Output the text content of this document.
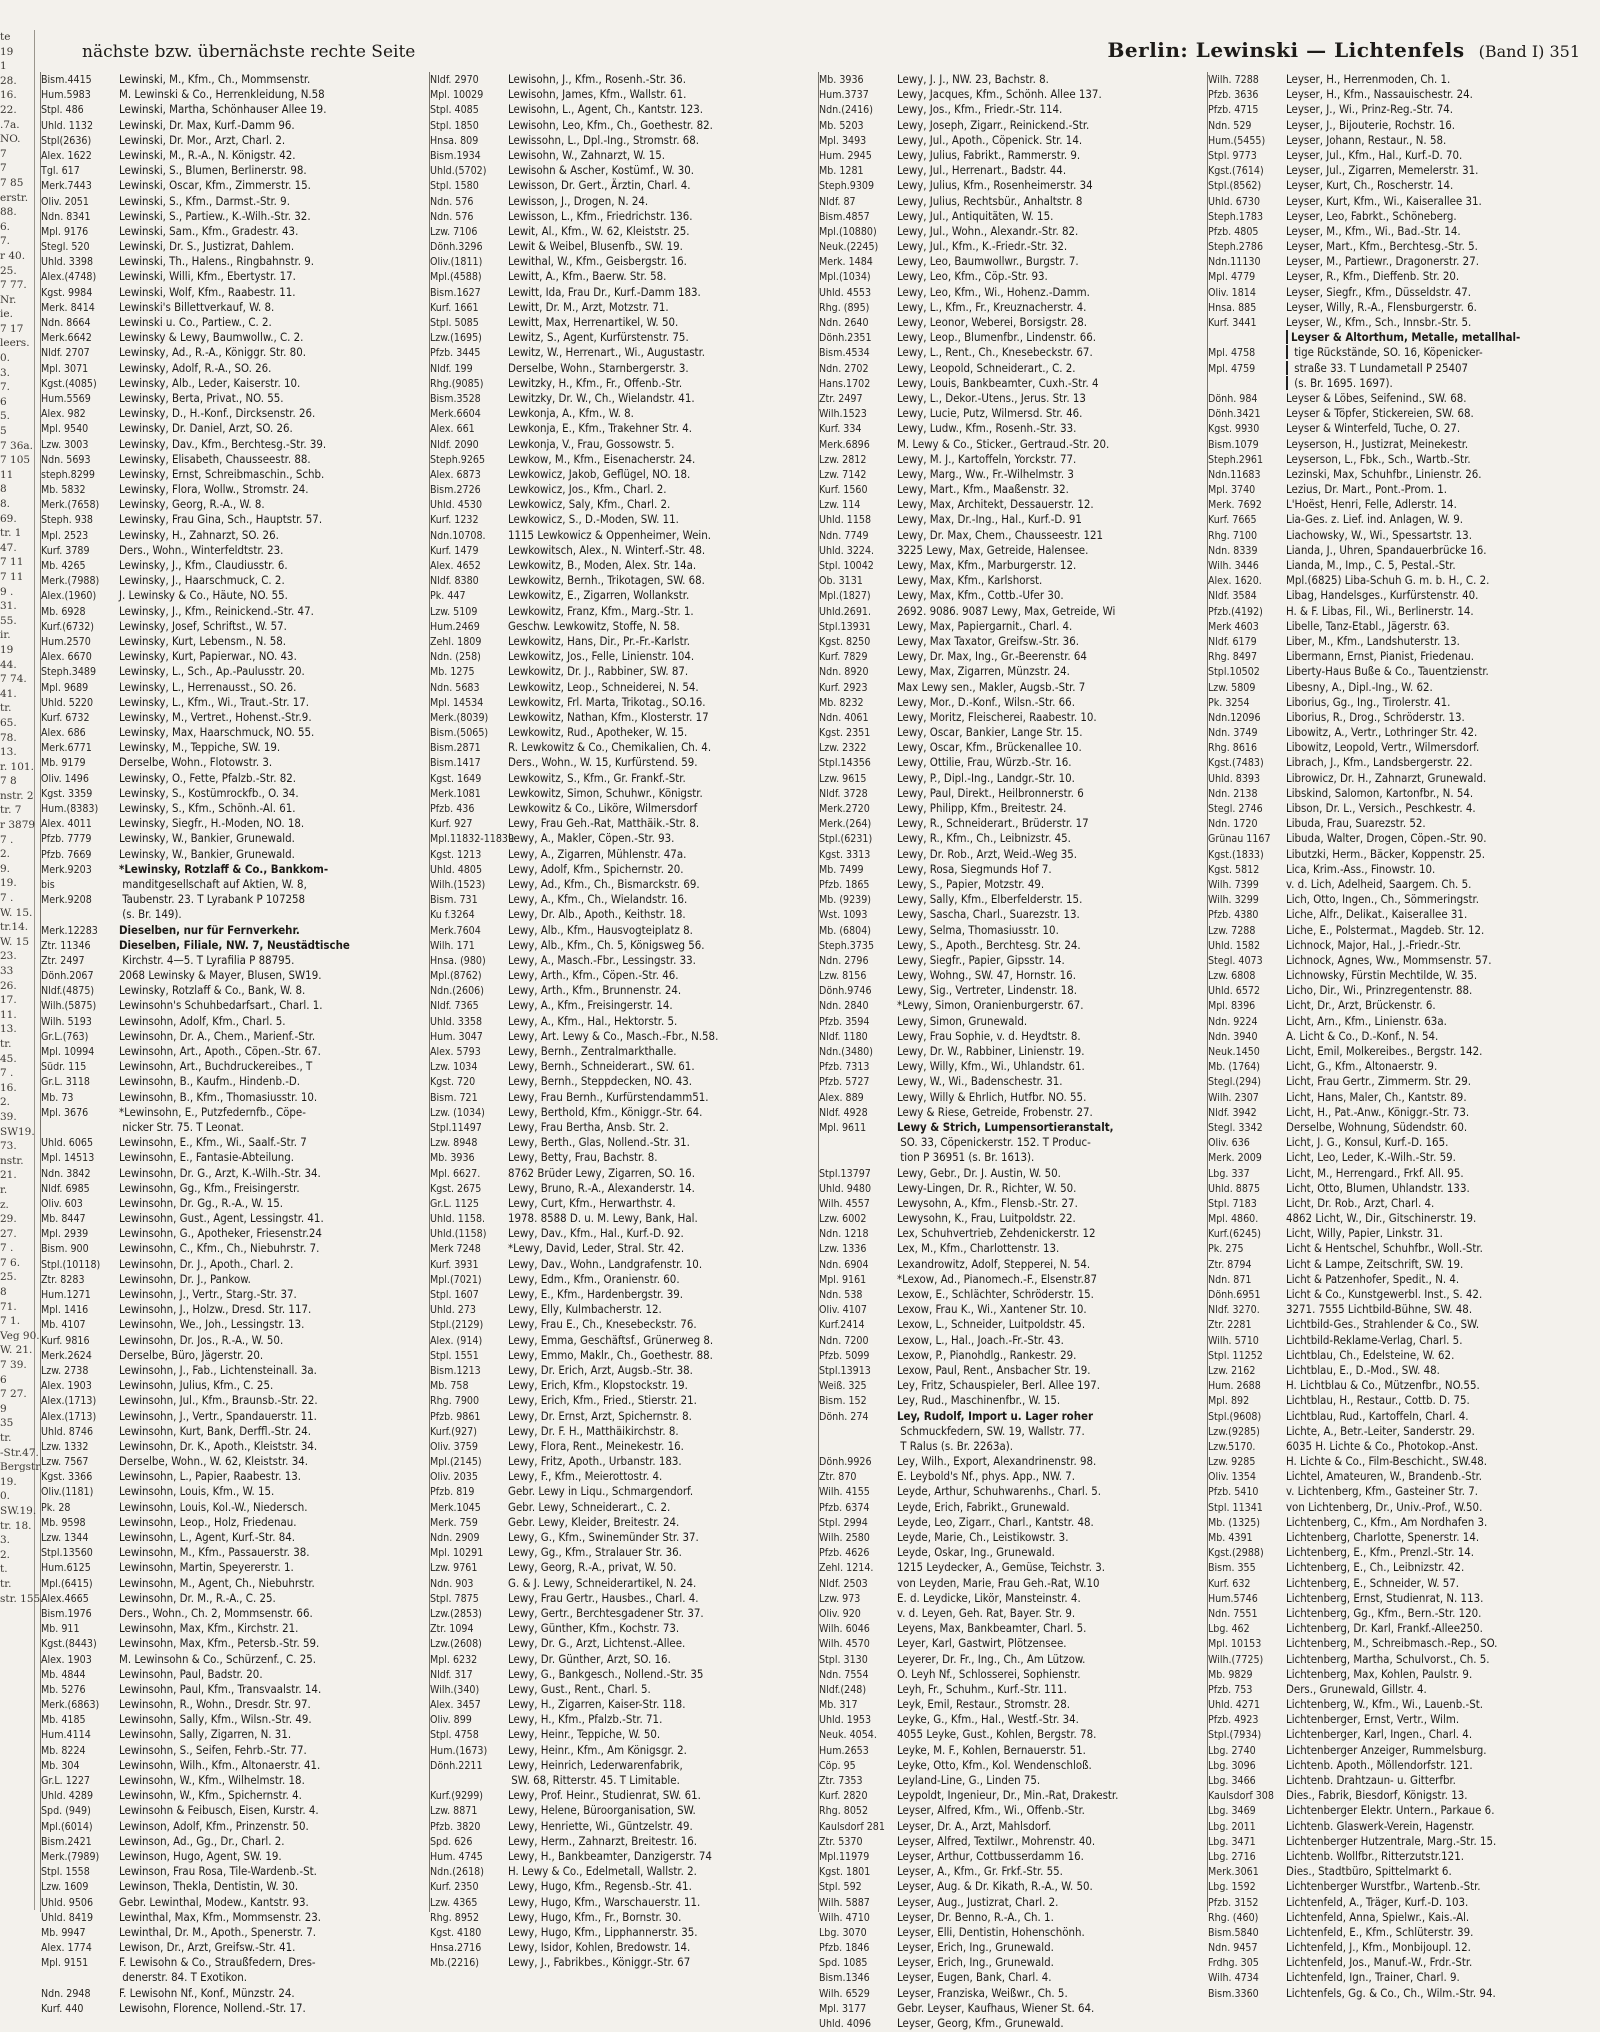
te
19
1
28.
16.
22.
.7a.
NO.
7
7
7 85
erstr.
88.
6.
7.
r 40.
25.
7 77.
Nr.
ie.
7 17
leers.
0.
3.
7.
6
5.
5
7 36a.
7 105
11
8
8.
69.
tr. 1
47.
7 11
7 11
9 .
31.
55.
ir.
19
44.
7 74.
41.
tr.
65.
78.
13.
r. 101.
7 8
nstr. 2
tr. 7
r 3879
7 .
2.
9.
19.
7 .
W. 15.
tr.14.
W. 15
23.
33
26.
17.
11.
13.
tr.
45.
7 .
16.
2.
39.
SW19.
73.
nstr.
21.
r.
z.
29.
27.
7 .
7 6.
25.
8
71.
7 1.
Veg 90.
W. 21.
7 39.
6
7 27.
9
35
tr.
-Str.47.
Bergstr.
19.
0.
SW.19.
tr. 18.
3.
2.
t.
tr.
str. 155.
nächste bzw. übernächste rechte Seite	Berlin: Lewinski — Lichtenfels (Band I) 351
Bism.4415 Lewinski, M., Kfm., Ch., Mommsenstr.
Hum.5983 M. Lewinski & Co., Herrenkleidung, N.58
Stpl. 486	Lewinski, Martha, Schönhauser Allee 19.
Uhld. 1132 Lewinski, Dr. Max, Kurf.-Damm 96.
Stpl(2636) Lewinski, Dr. Mor., Arzt, Charl. 2.
Alex. 1622 Lewinski, M., R.-A., N. Königstr. 42.
Tgl. 617	Lewinski, S., Blumen, Berlinerstr. 98.
Merk.7443 Lewinski, Oscar, Kfm., Zimmerstr. 15.
Oliv. 2051	Lewinski, S., Kfm., Darmst.-Str. 9.
Ndn. 8341 Lewinski, S., Partiew., K.-Wilh.-Str. 32.
Mpl. 9176	Lewinski, Sam., Kfm., Gradestr. 43.
Stegl. 520	Lewinski, Dr. S., Justizrat, Dahlem.
Uhld. 3398 Lewinski, Th., Halens., Ringbahnstr. 9.
Alex.(4748) Lewinski, Willi, Kfm., Ebertystr. 17.
Kgst. 9984 Lewinski, Wolf, Kfm., Raabestr. 11.
Merk. 8414 Lewinski's Billettverkauf, W. 8.
Ndn. 8664 Lewinski u. Co., Partiew., C. 2.
Merk.6642 Lewinsky & Lewy, Baumwollw., C. 2.
Nldf. 2707	Lewinsky, Ad., R.-A., Königgr. Str. 80.
Mpl. 3071	Lewinsky, Adolf, R.-A., SO. 26.
Kgst.(4085) Lewinsky, Alb., Leder, Kaiserstr. 10.
Hum.5569 Lewinsky, Berta, Privat., NO. 55.
Alex. 982	Lewinsky, D., H.-Konf., Dircksenstr. 26.
Mpl. 9540	Lewinsky, Dr. Daniel, Arzt, SO. 26.
Lzw. 3003	Lewinsky, Dav., Kfm., Berchtesg.-Str. 39.
Ndn. 5693 Lewinsky, Elisabeth, Chausseestr. 88.
steph.8299 Lewinsky, Ernst, Schreibmaschin., Schb.
Mb. 5832	Lewinsky, Flora, Wollw., Stromstr. 24.
Merk.(7658) Lewinsky, Georg, R.-A., W. 8.
Steph. 938 Lewinsky, Frau Gina, Sch., Hauptstr. 57.
Mpl. 2523	Lewinsky, H., Zahnarzt, SO. 26.
Kurf. 3789	Ders., Wohn., Winterfeldtstr. 23.
Mb. 4265	Lewinsky, J., Kfm., Claudiusstr. 6.
Merk.(7988) Lewinsky, J., Haarschmuck, C. 2.
Alex.(1960) J. Lewinsky & Co., Häute, NO. 55.
Mb. 6928	Lewinsky, J., Kfm., Reinickend.-Str. 47.
Kurf.(6732) Lewinsky, Josef, Schriftst., W. 57.
Hum.2570 Lewinsky, Kurt, Lebensm., N. 58.
Alex. 6670 Lewinsky, Kurt, Papierwar., NO. 43.
Steph.3489 Lewinsky, L., Sch., Ap.-Paulusstr. 20.
Mpl. 9689	Lewinsky, L., Herrenausst., SO. 26.
Uhld. 5220 Lewinsky, L., Kfm., Wi., Traut.-Str. 17.
Kurf. 6732	Lewinsky, M., Vertret., Hohenst.-Str.9.
Alex. 686	Lewinsky, Max, Haarschmuck, NO. 55.
Merk.6771 Lewinsky, M., Teppiche, SW. 19.
Mb. 9179	Derselbe, Wohn., Flotowstr. 3.
Oliv. 1496	Lewinsky, O., Fette, Pfalzb.-Str. 82.
Kgst. 3359 Lewinsky, S., Kostümrockfb., O. 34.
Hum.(8383) Lewinsky, S., Kfm., Schönh.-Al. 61.
Alex. 4011 Lewinsky, Siegfr., H.-Moden, NO. 18.
Pfzb. 7779 Lewinsky, W., Bankier, Grunewald.
Pfzb. 7669 Lewinsky, W., Bankier, Grunewald.
Merk.9203 *Lewinsky, Rotzlaff & Co., Bankkom-
bis	manditgesellschaft auf Aktien, W. 8,
Merk.9208 Taubenstr. 23. T Lyrabank P 107258
(s. Br. 149).
Merk.12283 Dieselben, nur für Fernverkehr.
Ztr. 11346 Dieselben, Filiale, NW. 7, Neustädtische
Ztr. 2497	Kirchstr. 4—5. T Lyrafilia P 88795.
Dönh.2067 2068 Lewinsky & Mayer, Blusen, SW19.
Nldf.(4875) Lewinsky, Rotzlaff & Co., Bank, W. 8.
Wilh.(5875) Lewinsohn's Schuhbedarfsart., Charl. 1.
Wilh. 5193 Lewinsohn, Adolf, Kfm., Charl. 5.
Gr.L.(763)	Lewinsohn, Dr. A., Chem., Marienf.-Str.
Mpl. 10994 Lewinsohn, Art., Apoth., Cöpen.-Str. 67.
Südr. 115	Lewinsohn, Art., Buchdruckereibes., T
Gr.L. 3118	Lewinsohn, B., Kaufm., Hindenb.-D.
Mb. 73	Lewinsohn, B., Kfm., Thomasiusstr. 10.
Mpl. 3676	*Lewinsohn, E., Putzfedernfb., Cöpe-
nicker Str. 75. T Leonat.
Uhld. 6065 Lewinsohn, E., Kfm., Wi., Saalf.-Str. 7
Mpl. 14513 Lewinsohn, E., Fantasie-Abteilung.
Ndn. 3842 Lewinsohn, Dr. G., Arzt, K.-Wilh.-Str. 34.
Nldf. 6985	Lewinsohn, Gg., Kfm., Freisingerstr.
Oliv. 603	Lewinsohn, Dr. Gg., R.-A., W. 15.
Mb. 8447	Lewinsohn, Gust., Agent, Lessingstr. 41.
Mpl. 2939	Lewinsohn, G., Apotheker, Friesenstr.24
Bism. 900	Lewinsohn, C., Kfm., Ch., Niebuhrstr. 7.
Stpl.(10118) Lewinsohn, Dr. J., Apoth., Charl. 2.
Ztr. 8283	Lewinsohn, Dr. J., Pankow.
Hum.1271 Lewinsohn, J., Vertr., Starg.-Str. 37.
Mpl. 1416	Lewinsohn, J., Holzw., Dresd. Str. 117.
Mb. 4107	Lewinsohn, We., Joh., Lessingstr. 13.
Kurf. 9816	Lewinsohn, Dr. Jos., R.-A., W. 50.
Merk.2624 Derselbe, Büro, Jägerstr. 20.
Lzw. 2738	Lewinsohn, J., Fab., Lichtensteinall. 3a.
Alex. 1903 Lewinsohn, Julius, Kfm., C. 25.
Alex.(1713) Lewinsohn, Jul., Kfm., Braunsb.-Str. 22.
Alex.(1713) Lewinsohn, J., Vertr., Spandauerstr. 11.
Uhld. 8746 Lewinsohn, Kurt, Bank, Derffl.-Str. 24.
Lzw. 1332	Lewinsohn, Dr. K., Apoth., Kleiststr. 34.
Lzw. 7567	Derselbe, Wohn., W. 62, Kleiststr. 34.
Kgst. 3366 Lewinsohn, L., Papier, Raabestr. 13.
Oliv.(1181) Lewinsohn, Louis, Kfm., W. 15.
Pk. 28	Lewinsohn, Louis, Kol.-W., Niedersch.
Mb. 9598	Lewinsohn, Leop., Holz, Friedenau.
Lzw. 1344	Lewinsohn, L., Agent, Kurf.-Str. 84.
Stpl.13560 Lewinsohn, M., Kfm., Passauerstr. 38.
Hum.6125 Lewinsohn, Martin, Speyererstr. 1.
Mpl.(6415) Lewinsohn, M., Agent, Ch., Niebuhrstr.
Alex.4665	Lewinsohn, Dr. M., R.-A., C. 25.
Bism.1976 Ders., Wohn., Ch. 2, Mommsenstr. 66.
Mb. 911	Lewinsohn, Max, Kfm., Kirchstr. 21.
Kgst.(8443) Lewinsohn, Max, Kfm., Petersb.-Str. 59.
Alex. 1903 M. Lewinsohn & Co., Schürzenf., C. 25.
Mb. 4844	Lewinsohn, Paul, Badstr. 20.
Mb. 5276	Lewinsohn, Paul, Kfm., Transvaalstr. 14.
Merk.(6863) Lewinsohn, R., Wohn., Dresdr. Str. 97.
Mb. 4185	Lewinsohn, Sally, Kfm., Wilsn.-Str. 49.
Hum.4114 Lewinsohn, Sally, Zigarren, N. 31.
Mb. 8224	Lewinsohn, S., Seifen, Fehrb.-Str. 77.
Mb. 304	Lewinsohn, Wilh., Kfm., Altonaerstr. 41.
Gr.L. 1227	Lewinsohn, W., Kfm., Wilhelmstr. 18.
Uhld. 4289 Lewinsohn, W., Kfm., Spichernstr. 4.
Spd. (949) Lewinsohn & Feibusch, Eisen, Kurstr. 4.
Mpl.(6014) Lewinson, Adolf, Kfm., Prinzenstr. 50.
Bism.2421 Lewinson, Ad., Gg., Dr., Charl. 2.
Merk.(7989) Lewinson, Hugo, Agent, SW. 19.
Stpl. 1558	Lewinson, Frau Rosa, Tile-Wardenb.-St.
Lzw. 1609	Lewinson, Thekla, Dentistin, W. 30.
Uhld. 9506 Gebr. Lewinthal, Modew., Kantstr. 93.
Uhld. 8419 Lewinthal, Max, Kfm., Mommsenstr. 23.
Mb. 9947	Lewinthal, Dr. M., Apoth., Spenerstr. 7.
Alex. 1774 Lewison, Dr., Arzt, Greifsw.-Str. 41.
Mpl. 9151	F. Lewisohn & Co., Straußfedern, Dres-
denerstr. 84. T Exotikon.
Ndn. 2948 F. Lewisohn Nf., Konf., Münzstr. 24.
Kurf. 440	Lewisohn, Florence, Nollend.-Str. 17.
Nldf. 2970	Lewisohn, J., Kfm., Rosenh.-Str. 36.
Mpl. 10029 Lewisohn, James, Kfm., Wallstr. 61.
Stpl. 4085	Lewisohn, L., Agent, Ch., Kantstr. 123.
Stpl. 1850	Lewisohn, Leo, Kfm., Ch., Goethestr. 82.
Hnsa. 809	Lewissohn, L., Dpl.-Ing., Stromstr. 68.
Bism.1934 Lewisohn, W., Zahnarzt, W. 15.
Uhld.(5702) Lewisohn & Ascher, Kostümf., W. 30.
Stpl. 1580	Lewisson, Dr. Gert., Ärztin, Charl. 4.
Ndn. 576	Lewisson, J., Drogen, N. 24.
Ndn. 576	Lewisson, L., Kfm., Friedrichstr. 136.
Lzw. 7106	Lewit, Al., Kfm., W. 62, Kleiststr. 25.
Dönh.3296 Lewit & Weibel, Blusenfb., SW. 19.
Oliv.(1811) Lewithal, W., Kfm., Geisbergstr. 16.
Mpl.(4588) Lewitt, A., Kfm., Baerw. Str. 58.
Bism.1627 Lewitt, Ida, Frau Dr., Kurf.-Damm 183.
Kurf. 1661	Lewitt, Dr. M., Arzt, Motzstr. 71.
Stpl. 5085	Lewitt, Max, Herrenartikel, W. 50.
Lzw.(1695) Lewitz, S., Agent, Kurfürstenstr. 75.
Pfzb. 3445 Lewitz, W., Herrenart., Wi., Augustastr.
Nldf. 199	Derselbe, Wohn., Starnbergerstr. 3.
Rhg.(9085) Lewitzky, H., Kfm., Fr., Offenb.-Str.
Bism.3528 Lewitzky, Dr. W., Ch., Wielandstr. 41.
Merk.6604 Lewkonja, A., Kfm., W. 8.
Alex. 661	Lewkonja, E., Kfm., Trakehner Str. 4.
Nldf. 2090	Lewkonja, V., Frau, Gossowstr. 5.
Steph.9265 Lewkow, M., Kfm., Eisenacherstr. 24.
Alex. 6873 Lewkowicz, Jakob, Geflügel, NO. 18.
Bism.2726 Lewkowicz, Jos., Kfm., Charl. 2.
Uhld. 4530 Lewkowicz, Saly, Kfm., Charl. 2.
Kurf. 1232	Lewkowicz, S., D.-Moden, SW. 11.
Ndn.10708. 1115 Lewkowicz & Oppenheimer, Wein.
Kurf. 1479	Lewkowitsch, Alex., N. Winterf.-Str. 48.
Alex. 4652 Lewkowitz, B., Moden, Alex. Str. 14a.
Nldf. 8380	Lewkowitz, Bernh., Trikotagen, SW. 68.
Pk. 447	Lewkowitz, E., Zigarren, Wollankstr.
Lzw. 5109	Lewkowitz, Franz, Kfm., Marg.-Str. 1.
Hum.2469 Geschw. Lewkowitz, Stoffe, N. 58.
Zehl. 1809 Lewkowitz, Hans, Dir., Pr.-Fr.-Karlstr.
Ndn. (258) Lewkowitz, Jos., Felle, Linienstr. 104.
Mb. 1275	Lewkowitz, Dr. J., Rabbiner, SW. 87.
Ndn. 5683 Lewkowitz, Leop., Schneiderei, N. 54.
Mpl. 14534 Lewkowitz, Frl. Marta, Trikotag., SO.16.
Merk.(8039) Lewkowitz, Nathan, Kfm., Klosterstr. 17
Bism.(5065) Lewkowitz, Rud., Apotheker, W. 15.
Bism.2871 R. Lewkowitz & Co., Chemikalien, Ch. 4.
Bism.1417 Ders., Wohn., W. 15, Kurfürstend. 59.
Kgst. 1649 Lewkowitz, S., Kfm., Gr. Frankf.-Str.
Merk.1081 Lewkowitz, Simon, Schuhwr., Königstr.
Pfzb. 436	Lewkowitz & Co., Liköre, Wilmersdorf
Kurf. 927	Lewy, Frau Geh.-Rat, Matthäik.-Str. 8.
Mpl.11832-11839Lewy, A., Makler, Cöpen.-Str. 93.
Kgst. 1213 Lewy, A., Zigarren, Mühlenstr. 47a.
Uhld. 4805 Lewy, Adolf, Kfm., Spichernstr. 20.
Wilh.(1523) Lewy, Ad., Kfm., Ch., Bismarckstr. 69.
Bism. 731	Lewy, A., Kfm., Ch., Wielandstr. 16.
Ku f.3264	Lewy, Dr. Alb., Apoth., Keithstr. 18.
Merk.7604 Lewy, Alb., Kfm., Hausvogteiplatz 8.
Wilh. 171	Lewy, Alb., Kfm., Ch. 5, Königsweg 56.
Hnsa. (980) Lewy, A., Masch.-Fbr., Lessingstr. 33.
Mpl.(8762) Lewy, Arth., Kfm., Cöpen.-Str. 46.
Ndn.(2606) Lewy, Arth., Kfm., Brunnenstr. 24.
Nldf. 7365	Lewy, A., Kfm., Freisingerstr. 14.
Uhld. 3358 Lewy, A., Kfm., Hal., Hektorstr. 5.
Hum. 3047 Lewy, Art. Lewy & Co., Masch.-Fbr., N.58.
Alex. 5793 Lewy, Bernh., Zentralmarkthalle.
Lzw. 1034	Lewy, Bernh., Schneiderart., SW. 61.
Kgst. 720	Lewy, Bernh., Steppdecken, NO. 43.
Bism. 721	Lewy, Frau Bernh., Kurfürstendamm51.
Lzw. (1034) Lewy, Berthold, Kfm., Königgr.-Str. 64.
Stpl.11497 Lewy, Frau Bertha, Ansb. Str. 2.
Lzw. 8948	Lewy, Berth., Glas, Nollend.-Str. 31.
Mb. 3936	Lewy, Betty, Frau, Bachstr. 8.
Mpl. 6627. 8762 Brüder Lewy, Zigarren, SO. 16.
Kgst. 2675 Lewy, Bruno, R.-A., Alexanderstr. 14.
Gr.L. 1125	Lewy, Curt, Kfm., Herwarthstr. 4.
Uhld. 1158. 1978. 8588 D. u. M. Lewy, Bank, Hal.
Uhld.(1158) Lewy, Dav., Kfm., Hal., Kurf.-D. 92.
Merk 7248 *Lewy, David, Leder, Stral. Str. 42.
Kurf. 3931	Lewy, Dav., Wohn., Landgrafenstr. 10.
Mpl.(7021) Lewy, Edm., Kfm., Oranienstr. 60.
Stpl. 1607	Lewy, E., Kfm., Hardenbergstr. 39.
Uhld. 273	Lewy, Elly, Kulmbacherstr. 12.
Stpl.(2129) Lewy, Frau E., Ch., Knesebeckstr. 76.
Alex. (914) Lewy, Emma, Geschäftsf., Grünerweg 8.
Stpl. 1551	Lewy, Emmo, Maklr., Ch., Goethestr. 88.
Bism.1213 Lewy, Dr. Erich, Arzt, Augsb.-Str. 38.
Mb. 758	Lewy, Erich, Kfm., Klopstockstr. 19.
Rhg. 7900	Lewy, Erich, Kfm., Fried., Stierstr. 21.
Pfzb. 9861 Lewy, Dr. Ernst, Arzt, Spichernstr. 8.
Kurf.(927)	Lewy, Dr. F. H., Matthäikirchstr. 8.
Oliv. 3759	Lewy, Flora, Rent., Meinekestr. 16.
Mpl.(2145) Lewy, Fritz, Apoth., Urbanstr. 183.
Oliv. 2035	Lewy, F., Kfm., Meierottostr. 4.
Pfzb. 819	Gebr. Lewy in Liqu., Schmargendorf.
Merk.1045 Gebr. Lewy, Schneiderart., C. 2.
Merk. 759	Gebr. Lewy, Kleider, Breitestr. 24.
Ndn. 2909 Lewy, G., Kfm., Swinemünder Str. 37.
Mpl. 10291 Lewy, Gg., Kfm., Stralauer Str. 36.
Lzw. 9761	Lewy, Georg, R.-A., privat, W. 50.
Ndn. 903	G. & J. Lewy, Schneiderartikel, N. 24.
Stpl. 7875	Lewy, Frau Gertr., Hausbes., Charl. 4.
Lzw.(2853) Lewy, Gertr., Berchtesgadener Str. 37.
Ztr. 1094	Lewy, Günther, Kfm., Kochstr. 73.
Lzw.(2608) Lewy, Dr. G., Arzt, Lichtenst.-Allee.
Mpl. 6232	Lewy, Dr. Günther, Arzt, SO. 16.
Nldf. 317	Lewy, G., Bankgesch., Nollend.-Str. 35
Wilh.(340)	Lewy, Gust., Rent., Charl. 5.
Alex. 3457 Lewy, H., Zigarren, Kaiser-Str. 118.
Oliv. 899	Lewy, H., Kfm., Pfalzb.-Str. 71.
Stpl. 4758	Lewy, Heinr., Teppiche, W. 50.
Hum.(1673) Lewy, Heinr., Kfm., Am Königsgr. 2.
Dönh.2211 Lewy, Heinrich, Lederwarenfabrik,
SW. 68, Ritterstr. 45. T Limitable.
Kurf.(9299) Lewy, Prof. Heinr., Studienrat, SW. 61.
Lzw. 8871	Lewy, Helene, Büroorganisation, SW.
Pfzb. 3820 Lewy, Henriette, Wi., Güntzelstr. 49.
Spd. 626	Lewy, Herm., Zahnarzt, Breitestr. 16.
Hum. 4745 Lewy, H., Bankbeamter, Danzigerstr. 74
Ndn.(2618) H. Lewy & Co., Edelmetall, Wallstr. 2.
Kurf. 2350	Lewy, Hugo, Kfm., Regensb.-Str. 41.
Lzw. 4365	Lewy, Hugo, Kfm., Warschauerstr. 11.
Rhg. 8952	Lewy, Hugo, Kfm., Fr., Bornstr. 30.
Kgst. 4180 Lewy, Hugo, Kfm., Lipphannerstr. 35.
Hnsa.2716 Lewy, Isidor, Kohlen, Bredowstr. 14.
Mb.(2216)	Lewy, J., Fabrikbes., Königgr.-Str. 67
Mb. 3936	Lewy, J. J., NW. 23, Bachstr. 8.
Hum.3737 Lewy, Jacques, Kfm., Schönh. Allee 137.
Ndn.(2416) Lewy, Jos., Kfm., Friedr.-Str. 114.
Mb. 5203	Lewy, Joseph, Zigarr., Reinickend.-Str.
Mpl. 3493	Lewy, Jul., Apoth., Cöpenick. Str. 14.
Hum. 2945 Lewy, Julius, Fabrikt., Rammerstr. 9.
Mb. 1281	Lewy, Jul., Herrenart., Badstr. 44.
Steph.9309 Lewy, Julius, Kfm., Rosenheimerstr. 34
Nldf. 87	Lewy, Julius, Rechtsbür., Anhaltstr. 8
Bism.4857 Lewy, Jul., Antiquitäten, W. 15.
Mpl.(10880) Lewy, Jul., Wohn., Alexandr.-Str. 82.
Neuk.(2245) Lewy, Jul., Kfm., K.-Friedr.-Str. 32.
Merk. 1484 Lewy, Leo, Baumwollwr., Burgstr. 7.
Mpl.(1034) Lewy, Leo, Kfm., Cöp.-Str. 93.
Uhld. 4553 Lewy, Leo, Kfm., Wi., Hohenz.-Damm.
Rhg. (895) Lewy, L., Kfm., Fr., Kreuznacherstr. 4.
Ndn. 2640 Lewy, Leonor, Weberei, Borsigstr. 28.
Dönh.2351 Lewy, Leop., Blumenfbr., Lindenstr. 66.
Bism.4534 Lewy, L., Rent., Ch., Knesebeckstr. 67.
Ndn. 2702 Lewy, Leopold, Schneiderart., C. 2.
Hans.1702 Lewy, Louis, Bankbeamter, Cuxh.-Str. 4
Ztr. 2497	Lewy, L., Dekor.-Utens., Jerus. Str. 13
Wilh.1523	Lewy, Lucie, Putz, Wilmersd. Str. 46.
Kurf. 334	Lewy, Ludw., Kfm., Rosenh.-Str. 33.
Merk.6896 M. Lewy & Co., Sticker., Gertraud.-Str. 20.
Lzw. 2812	Lewy, M. J., Kartoffeln, Yorckstr. 77.
Lzw. 7142	Lewy, Marg., Ww., Fr.-Wilhelmstr. 3
Kurf. 1560	Lewy, Mart., Kfm., Maaßenstr. 32.
Lzw. 114	Lewy, Max, Architekt, Dessauerstr. 12.
Uhld. 1158 Lewy, Max, Dr.-Ing., Hal., Kurf.-D. 91
Ndn. 7749 Lewy, Dr. Max, Chem., Chausseestr. 121
Uhld. 3224. 3225 Lewy, Max, Getreide, Halensee.
Stpl. 10042 Lewy, Max, Kfm., Marburgerstr. 12.
Ob. 3131	Lewy, Max, Kfm., Karlshorst.
Mpl.(1827) Lewy, Max, Kfm., Cottb.-Ufer 30.
Uhld.2691. 2692. 9086. 9087 Lewy, Max, Getreide, Wi
Stpl.13931 Lewy, Max, Papiergarnit., Charl. 4.
Kgst. 8250 Lewy, Max Taxator, Greifsw.-Str. 36.
Kurf. 7829	Lewy, Dr. Max, Ing., Gr.-Beerenstr. 64
Ndn. 8920 Lewy, Max, Zigarren, Münzstr. 24.
Kurf. 2923	Max Lewy sen., Makler, Augsb.-Str. 7
Mb. 8232	Lewy, Mor., D.-Konf., Wilsn.-Str. 66.
Ndn. 4061 Lewy, Moritz, Fleischerei, Raabestr. 10.
Kgst. 2351 Lewy, Oscar, Bankier, Lange Str. 15.
Lzw. 2322	Lewy, Oscar, Kfm., Brückenallee 10.
Stpl.14356 Lewy, Ottilie, Frau, Würzb.-Str. 16.
Lzw. 9615	Lewy, P., Dipl.-Ing., Landgr.-Str. 10.
Nldf. 3728	Lewy, Paul, Direkt., Heilbronnerstr. 6
Merk.2720 Lewy, Philipp, Kfm., Breitestr. 24.
Merk.(264) Lewy, R., Schneiderart., Brüderstr. 17
Stpl.(6231) Lewy, R., Kfm., Ch., Leibnizstr. 45.
Kgst. 3313 Lewy, Dr. Rob., Arzt, Weid.-Weg 35.
Mb. 7499	Lewy, Rosa, Siegmunds Hof 7.
Pfzb. 1865 Lewy, S., Papier, Motzstr. 49.
Mb. (9239) Lewy, Sally, Kfm., Elberfelderstr. 15.
Wst. 1093	Lewy, Sascha, Charl., Suarezstr. 13.
Mb. (6804) Lewy, Selma, Thomasiusstr. 10.
Steph.3735 Lewy, S., Apoth., Berchtesg. Str. 24.
Ndn. 2796 Lewy, Siegfr., Papier, Gipsstr. 14.
Lzw. 8156	Lewy, Wohng., SW. 47, Hornstr. 16.
Dönh.9746 Lewy, Sig., Vertreter, Lindenstr. 18.
Ndn. 2840 *Lewy, Simon, Oranienburgerstr. 67.
Pfzb. 3594 Lewy, Simon, Grunewald.
Nldf. 1180	Lewy, Frau Sophie, v. d. Heydtstr. 8.
Ndn.(3480) Lewy, Dr. W., Rabbiner, Linienstr. 19.
Pfzb. 7313 Lewy, Willy, Kfm., Wi., Uhlandstr. 61.
Pfzb. 5727 Lewy, W., Wi., Badenschestr. 31.
Alex. 889	Lewy, Willy & Ehrlich, Hutfbr. NO. 55.
Nldf. 4928	Lewy & Riese, Getreide, Frobenstr. 27.
Mpl. 9611	Lewy & Strich, Lumpensortieranstalt,
SO. 33, Cöpenickerstr. 152. T Produc-
tion P 36951 (s. Br. 1613).
Stpl.13797 Lewy, Gebr., Dr. J. Austin, W. 50.
Uhld. 9480 Lewy-Lingen, Dr. R., Richter, W. 50.
Wilh. 4557 Lewysohn, A., Kfm., Flensb.-Str. 27.
Lzw. 6002	Lewysohn, K., Frau, Luitpoldstr. 22.
Ndn. 1218 Lex, Schuhvertrieb, Zehdenickerstr. 12
Lzw. 1336	Lex, M., Kfm., Charlottenstr. 13.
Ndn. 6904 Lexandrowitz, Adolf, Stepperei, N. 54.
Mpl. 9161	*Lexow, Ad., Pianomech.-F., Elsenstr.87
Ndn. 538	Lexow, E., Schlächter, Schröderstr. 15.
Oliv. 4107	Lexow, Frau K., Wi., Xantener Str. 10.
Kurf.2414	Lexow, L., Schneider, Luitpoldstr. 45.
Ndn. 7200 Lexow, L., Hal., Joach.-Fr.-Str. 43.
Pfzb. 5099 Lexow, P., Pianohdlg., Rankestr. 29.
Stpl.13913 Lexow, Paul, Rent., Ansbacher Str. 19.
Weiß. 325	Ley, Fritz, Schauspieler, Berl. Allee 197.
Bism. 152	Ley, Rud., Maschinenfbr., W. 15.
Dönh. 274	Ley, Rudolf, Import u. Lager roher
Schmuckfedern, SW. 19, Wallstr. 77.
T Ralus (s. Br. 2263a).
Dönh.9926 Ley, Wilh., Export, Alexandrinenstr. 98.
Ztr. 870	E. Leybold's Nf., phys. App., NW. 7.
Wilh. 4155 Leyde, Arthur, Schuhwarenhs., Charl. 5.
Pfzb. 6374 Leyde, Erich, Fabrikt., Grunewald.
Stpl. 2994	Leyde, Leo, Zigarr., Charl., Kantstr. 48.
Wilh. 2580 Leyde, Marie, Ch., Leistikowstr. 3.
Pfzb. 4626 Leyde, Oskar, Ing., Grunewald.
Zehl. 1214. 1215 Leydecker, A., Gemüse, Teichstr. 3.
Nldf. 2503	von Leyden, Marie, Frau Geh.-Rat, W.10
Lzw. 973	E. d. Leydicke, Likör, Mansteinstr. 4.
Oliv. 920	v. d. Leyen, Geh. Rat, Bayer. Str. 9.
Wilh. 6046 Leyens, Max, Bankbeamter, Charl. 5.
Wilh. 4570 Leyer, Karl, Gastwirt, Plötzensee.
Stpl. 3130	Leyerer, Dr. Fr., Ing., Ch., Am Lützow.
Ndn. 7554 O. Leyh Nf., Schlosserei, Sophienstr.
Nldf.(248)	Leyh, Fr., Schuhm., Kurf.-Str. 111.
Mb. 317	Leyk, Emil, Restaur., Stromstr. 28.
Uhld. 1953 Leyke, G., Kfm., Hal., Westf.-Str. 34.
Neuk. 4054. 4055 Leyke, Gust., Kohlen, Bergstr. 78.
Hum.2653 Leyke, M. F., Kohlen, Bernauerstr. 51.
Cöp. 95	Leyke, Otto, Kfm., Kol. Wendenschloß.
Ztr. 7353	Leyland-Line, G., Linden 75.
Kurf. 2820	Leypoldt, Ingenieur, Dr., Min.-Rat, Drakestr.
Rhg. 8052	Leyser, Alfred, Kfm., Wi., Offenb.-Str.
Kaulsdorf 281 Leyser, Dr. A., Arzt, Mahlsdorf.
Ztr. 5370	Leyser, Alfred, Textilwr., Mohrenstr. 40.
Mpl.11979 Leyser, Arthur, Cottbusserdamm 16.
Kgst. 1801 Leyser, A., Kfm., Gr. Frkf.-Str. 55.
Stpl. 592	Leyser, Aug. & Dr. Kikath, R.-A., W. 50.
Wilh. 5887 Leyser, Aug., Justizrat, Charl. 2.
Wilh. 4710 Leyser, Dr. Benno, R.-A., Ch. 1.
Lbg. 3070	Leyser, Elli, Dentistin, Hohenschönh.
Pfzb. 1846 Leyser, Erich, Ing., Grunewald.
Spd. 1085	Leyser, Erich, Ing., Grunewald.
Bism.1346 Leyser, Eugen, Bank, Charl. 4.
Wilh. 6529 Leyser, Franziska, Weißwr., Ch. 5.
Mpl. 3177	Gebr. Leyser, Kaufhaus, Wiener St. 64.
Uhld. 4096 Leyser, Georg, Kfm., Grunewald.
Wilh. 7288 Leyser, H., Herrenmoden, Ch. 1.
Pfzb. 3636 Leyser, H., Kfm., Nassauischestr. 24.
Pfzb. 4715 Leyser, J., Wi., Prinz-Reg.-Str. 74.
Ndn. 529	Leyser, J., Bijouterie, Rochstr. 16.
Hum.(5455) Leyser, Johann, Restaur., N. 58.
Stpl. 9773	Leyser, Jul., Kfm., Hal., Kurf.-D. 70.
Kgst.(7614) Leyser, Jul., Zigarren, Memelerstr. 31.
Stpl.(8562) Leyser, Kurt, Ch., Roscherstr. 14.
Uhld. 6730 Leyser, Kurt, Kfm., Wi., Kaiserallee 31.
Steph.1783 Leyser, Leo, Fabrkt., Schöneberg.
Pfzb. 4805 Leyser, M., Kfm., Wi., Bad.-Str. 14.
Steph.2786 Leyser, Mart., Kfm., Berchtesg.-Str. 5.
Ndn.11130 Leyser, M., Partiewr., Dragonerstr. 27.
Mpl. 4779	Leyser, R., Kfm., Dieffenb. Str. 20.
Oliv. 1814	Leyser, Siegfr., Kfm., Düsseldstr. 47.
Hnsa. 885	Leyser, Willy, R.-A., Flensburgerstr. 6.
Kurf. 3441	Leyser, W., Kfm., Sch., Innsbr.-Str. 5.
Leyser & Altorthum, Metalle, metallhal-
Mpl. 4758	tige Rückstände, SO. 16, Köpenicker-
Mpl. 4759	straße 33. T Lundametall P 25407
(s. Br. 1695. 1697).
Dönh. 984	Leyser & Löbes, Seifenind., SW. 68.
Dönh.3421 Leyser & Töpfer, Stickereien, SW. 68.
Kgst. 9930 Leyser & Winterfeld, Tuche, O. 27.
Bism.1079 Leyserson, H., Justizrat, Meinekestr.
Steph.2961 Leyserson, L., Fbk., Sch., Wartb.-Str.
Ndn.11683 Lezinski, Max, Schuhfbr., Linienstr. 26.
Mpl. 3740	Lezius, Dr. Mart., Pont.-Prom. 1.
Merk. 7692 L'Hoëst, Henri, Felle, Adlerstr. 14.
Kurf. 7665	Lia-Ges. z. Lief. ind. Anlagen, W. 9.
Rhg. 7100	Liachowsky, W., Wi., Spessartstr. 13.
Ndn. 8339 Lianda, J., Uhren, Spandauerbrücke 16.
Wilh. 3446 Lianda, M., Imp., C. 5, Pestal.-Str.
Alex. 1620. Mpl.(6825) Liba-Schuh G. m. b. H., C. 2.
Nldf. 3584	Libag, Handelsges., Kurfürstenstr. 40.
Pfzb.(4192) H. & F. Libas, Fil., Wi., Berlinerstr. 14.
Merk 4603 Libelle, Tanz-Etabl., Jägerstr. 63.
Nldf. 6179	Liber, M., Kfm., Landshuterstr. 13.
Rhg. 8497	Libermann, Ernst, Pianist, Friedenau.
Stpl.10502 Liberty-Haus Buße & Co., Tauentzienstr.
Lzw. 5809	Libesny, A., Dipl.-Ing., W. 62.
Pk. 3254	Liborius, Gg., Ing., Tirolerstr. 41.
Ndn.12096 Liborius, R., Drog., Schröderstr. 13.
Ndn. 3749 Libowitz, A., Vertr., Lothringer Str. 42.
Rhg. 8616	Libowitz, Leopold, Vertr., Wilmersdorf.
Kgst.(7483) Librach, J., Kfm., Landsbergerstr. 22.
Uhld. 8393 Librowicz, Dr. H., Zahnarzt, Grunewald.
Ndn. 2138 Libskind, Salomon, Kartonfbr., N. 54.
Stegl. 2746 Libson, Dr. L., Versich., Peschkestr. 4.
Ndn. 1720 Libuda, Frau, Suarezstr. 52.
Grünau 1167 Libuda, Walter, Drogen, Cöpen.-Str. 90.
Kgst.(1833) Libutzki, Herm., Bäcker, Koppenstr. 25.
Kgst. 5812 Lica, Krim.-Ass., Finowstr. 10.
Wilh. 7399 v. d. Lich, Adelheid, Saargem. Ch. 5.
Wilh. 3299 Lich, Otto, Ingen., Ch., Sömmeringstr.
Pfzb. 4380 Liche, Alfr., Delikat., Kaiserallee 31.
Lzw. 7288	Liche, E., Polstermat., Magdeb. Str. 12.
Uhld. 1582 Lichnock, Major, Hal., J.-Friedr.-Str.
Stegl. 4073 Lichnock, Agnes, Ww., Mommsenstr. 57.
Lzw. 6808	Lichnowsky, Fürstin Mechtilde, W. 35.
Uhld. 6572 Licho, Dir., Wi., Prinzregentenstr. 88.
Mpl. 8396	Licht, Dr., Arzt, Brückenstr. 6.
Ndn. 9224 Licht, Arn., Kfm., Linienstr. 63a.
Ndn. 3940 A. Licht & Co., D.-Konf., N. 54.
Neuk.1450 Licht, Emil, Molkereibes., Bergstr. 142.
Mb. (1764) Licht, G., Kfm., Altonaerstr. 9.
Stegl.(294) Licht, Frau Gertr., Zimmerm. Str. 29.
Wilh. 2307 Licht, Hans, Maler, Ch., Kantstr. 89.
Nldf. 3942	Licht, H., Pat.-Anw., Königgr.-Str. 73.
Stegl. 3342 Derselbe, Wohnung, Südendstr. 60.
Oliv. 636	Licht, J. G., Konsul, Kurf.-D. 165.
Merk. 2009 Licht, Leo, Leder, K.-Wilh.-Str. 59.
Lbg. 337	Licht, M., Herrengard., Frkf. All. 95.
Uhld. 8875 Licht, Otto, Blumen, Uhlandstr. 133.
Stpl. 7183	Licht, Dr. Rob., Arzt, Charl. 4.
Mpl. 4860. 4862 Licht, W., Dir., Gitschinerstr. 19.
Kurf.(6245) Licht, Willy, Papier, Linkstr. 31.
Pk. 275	Licht & Hentschel, Schuhfbr., Woll.-Str.
Ztr. 8794	Licht & Lampe, Zeitschrift, SW. 19.
Ndn. 871	Licht & Patzenhofer, Spedit., N. 4.
Dönh.6951 Licht & Co., Kunstgewerbl. Inst., S. 42.
Nldf. 3270. 3271. 7555 Lichtbild-Bühne, SW. 48.
Ztr. 2281	Lichtbild-Ges., Strahlender & Co., SW.
Wilh. 5710 Lichtbild-Reklame-Verlag, Charl. 5.
Stpl. 11252 Lichtblau, Ch., Edelsteine, W. 62.
Lzw. 2162	Lichtblau, E., D.-Mod., SW. 48.
Hum. 2688 H. Lichtblau & Co., Mützenfbr., NO.55.
Mpl. 892	Lichtblau, H., Restaur., Cottb. D. 75.
Stpl.(9608) Lichtblau, Rud., Kartoffeln, Charl. 4.
Lzw.(9285) Lichte, A., Betr.-Leiter, Sanderstr. 29.
Lzw.5170.	6035 H. Lichte & Co., Photokop.-Anst.
Lzw. 9285	H. Lichte & Co., Film-Beschicht., SW.48.
Oliv. 1354	Lichtel, Amateuren, W., Brandenb.-Str.
Pfzb. 5410 v. Lichtenberg, Kfm., Gasteiner Str. 7.
Stpl. 11341 von Lichtenberg, Dr., Univ.-Prof., W.50.
Mb. (1325) Lichtenberg, C., Kfm., Am Nordhafen 3.
Mb. 4391	Lichtenberg, Charlotte, Spenerstr. 14.
Kgst.(2988) Lichtenberg, E., Kfm., Prenzl.-Str. 14.
Bism. 355	Lichtenberg, E., Ch., Leibnizstr. 42.
Kurf. 632	Lichtenberg, E., Schneider, W. 57.
Hum.5746 Lichtenberg, Ernst, Studienrat, N. 113.
Ndn. 7551 Lichtenberg, Gg., Kfm., Bern.-Str. 120.
Lbg. 462	Lichtenberg, Dr. Karl, Frankf.-Allee250.
Mpl. 10153 Lichtenberg, M., Schreibmasch.-Rep., SO.
Wilh.(7725) Lichtenberg, Martha, Schulvorst., Ch. 5.
Mb. 9829	Lichtenberg, Max, Kohlen, Paulstr. 9.
Pfzb. 753	Ders., Grunewald, Gillstr. 4.
Uhld. 4271 Lichtenberg, W., Kfm., Wi., Lauenb.-St.
Pfzb. 4923 Lichtenberger, Ernst, Vertr., Wilm.
Stpl.(7934) Lichtenberger, Karl, Ingen., Charl. 4.
Lbg. 2740	Lichtenberger Anzeiger, Rummelsburg.
Lbg. 3096	Lichtenb. Apoth., Möllendorfstr. 121.
Lbg. 3466	Lichtenb. Drahtzaun- u. Gitterfbr.
Kaulsdorf 308 Dies., Fabrik, Biesdorf, Königstr. 13.
Lbg. 3469	Lichtenberger Elektr. Untern., Parkaue 6.
Lbg. 2011	Lichtenb. Glaswerk-Verein, Hagenstr.
Lbg. 3471	Lichtenberger Hutzentrale, Marg.-Str. 15.
Lbg. 2716	Lichtenb. Wollfbr., Ritterzutstr.121.
Merk.3061 Dies., Stadtbüro, Spittelmarkt 6.
Lbg. 1592	Lichtenberger Wurstfbr., Wartenb.-Str.
Pfzb. 3152 Lichtenfeld, A., Träger, Kurf.-D. 103.
Rhg. (460) Lichtenfeld, Anna, Spielwr., Kais.-Al.
Bism.5840 Lichtenfeld, E., Kfm., Schlüterstr. 39.
Ndn. 9457 Lichtenfeld, J., Kfm., Monbijoupl. 12.
Frdhg. 305 Lichtenfeld, Jos., Manuf.-W., Frdr.-Str.
Wilh. 4734 Lichtenfeld, Ign., Trainer, Charl. 9.
Bism.3360 Lichtenfels, Gg. & Co., Ch., Wilm.-Str. 94.
